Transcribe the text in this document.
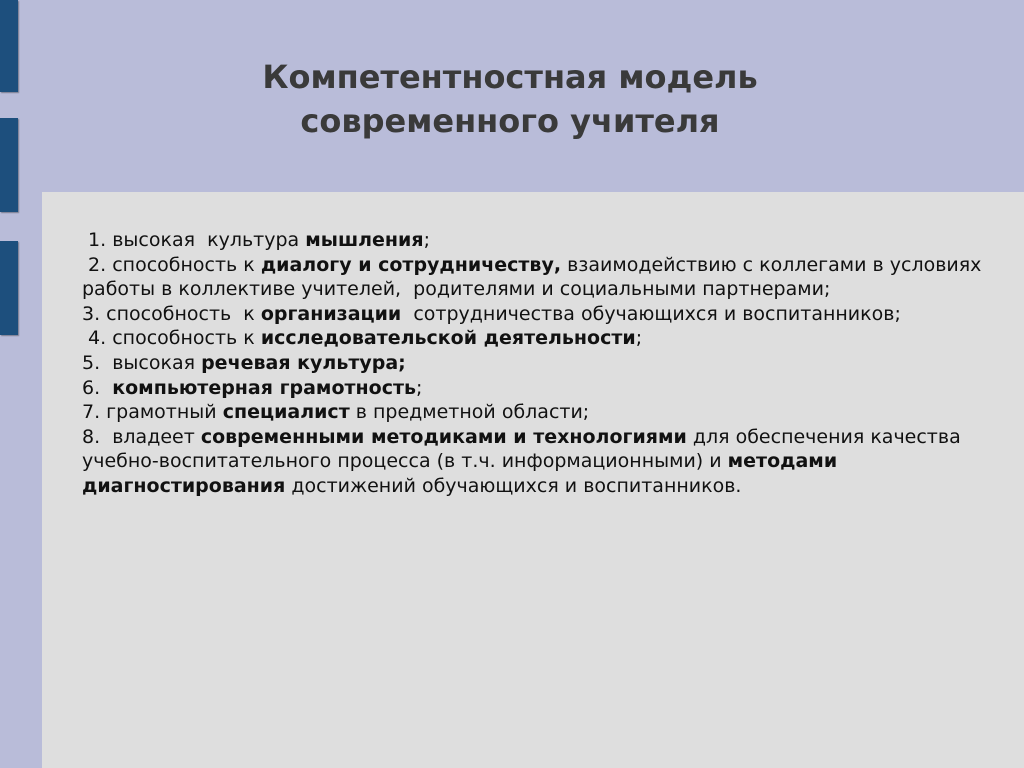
Компетентностная модель
современного учителя

1. высокая  культура мышления;

2. способность к диалогу и сотрудничеству, взаимодействию с коллегами в условиях работы в коллективе учителей,  родителями и социальными партнерами;

3. способность  к организации  сотрудничества обучающихся и воспитанников;

4. способность к исследовательской деятельности;

5.  высокая речевая культура;

6.  компьютерная грамотность;

7. грамотный специалист в предметной области;

8.  владеет современными методиками и технологиями для обеспечения качества учебно-воспитательного процесса (в т.ч. информационными) и методами диагностирования достижений обучающихся и воспитанников.
